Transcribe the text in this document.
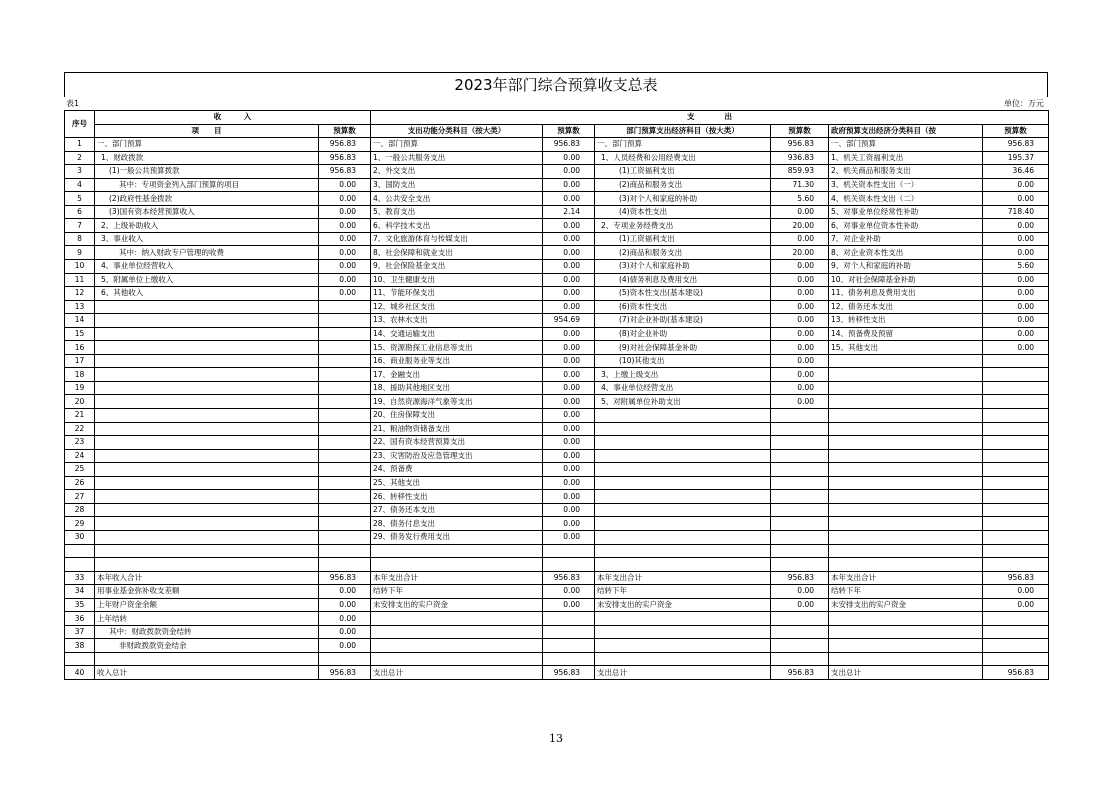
2023年部门综合预算收支总表
表1	单位：万元
序号	收　　　入		支　　　　出					
	项　　目	预算数	支出功能分类科目（按大类）	预算数	部门预算支出经济科目（按大类）	预算数	政府预算支出经济分类科目（按	预算数
1	一、部门预算	956.83	一、部门预算	956.83	一、部门预算	956.83	一、部门预算	956.83
2	1、财政拨款	956.83	1、一般公共服务支出	0.00	1、人员经费和公用经费支出	936.83	1、机关工资福利支出	195.37
3	(1)一般公共预算拨款	956.83	2、外交支出	0.00	(1)工资福利支出	859.93	2、机关商品和服务支出	36.46
4	其中：专项资金列入部门预算的项目	0.00	3、国防支出	0.00	(2)商品和服务支出	71.30	3、机关资本性支出（一）	0.00
5	(2)政府性基金拨款	0.00	4、公共安全支出	0.00	(3)对个人和家庭的补助	5.60	4、机关资本性支出（二）	0.00
6	(3)国有资本经营预算收入	0.00	5、教育支出	2.14	(4)资本性支出	0.00	5、对事业单位经常性补助	718.40
7	2、上级补助收入	0.00	6、科学技术支出	0.00	2、专项业务经费支出	20.00	6、对事业单位资本性补助	0.00
8	3、事业收入	0.00	7、文化旅游体育与传媒支出	0.00	(1)工资福利支出	0.00	7、对企业补助	0.00
9	其中：纳入财政专户管理的收费	0.00	8、社会保障和就业支出	0.00	(2)商品和服务支出	20.00	8、对企业资本性支出	0.00
10	4、事业单位经营收入	0.00	9、社会保险基金支出	0.00	(3)对个人和家庭补助	0.00	9、对个人和家庭的补助	5.60
11	5、附属单位上缴收入	0.00	10、卫生健康支出	0.00	(4)债务利息及费用支出	0.00	10、对社会保障基金补助	0.00
12	6、其他收入	0.00	11、节能环保支出	0.00	(5)资本性支出(基本建设)	0.00	11、债务利息及费用支出	0.00
13			12、城乡社区支出	0.00	(6)资本性支出	0.00	12、债务还本支出	0.00
14			13、农林水支出	954.69	(7)对企业补助(基本建设)	0.00	13、转移性支出	0.00
15			14、交通运输支出	0.00	(8)对企业补助	0.00	14、预备费及预留	0.00
16			15、资源勘探工业信息等支出	0.00	(9)对社会保障基金补助	0.00	15、其他支出	0.00
17			16、商业服务业等支出	0.00	(10)其他支出	0.00		
18			17、金融支出	0.00	3、上缴上级支出	0.00		
19			18、援助其他地区支出	0.00	4、事业单位经营支出	0.00		
20			19、自然资源海洋气象等支出	0.00	5、对附属单位补助支出	0.00		
21			20、住房保障支出	0.00				
22			21、粮油物资储备支出	0.00				
23			22、国有资本经营预算支出	0.00				
24			23、灾害防治及应急管理支出	0.00				
25			24、预备费	0.00				
26			25、其他支出	0.00				
27			26、转移性支出	0.00				
28			27、债务还本支出	0.00				
29			28、债务付息支出	0.00				
30			29、债务发行费用支出	0.00				

33	本年收入合计	956.83	本年支出合计	956.83	本年支出合计	956.83	本年支出合计	956.83
34	用事业基金弥补收支差额	0.00	结转下年	0.00	结转下年	0.00	结转下年	0.00
35	上年财户资金余额	0.00	未安排支出的实户资金	0.00	未安排支出的实户资金	0.00	未安排支出的实户资金	0.00
36	上年结转	0.00						
37	其中：财政拨款资金结转	0.00						
38	非财政拨款资金结余	0.00						

40	收入总计	956.83	支出总计	956.83	支出总计	956.83	支出总计	956.83
13
